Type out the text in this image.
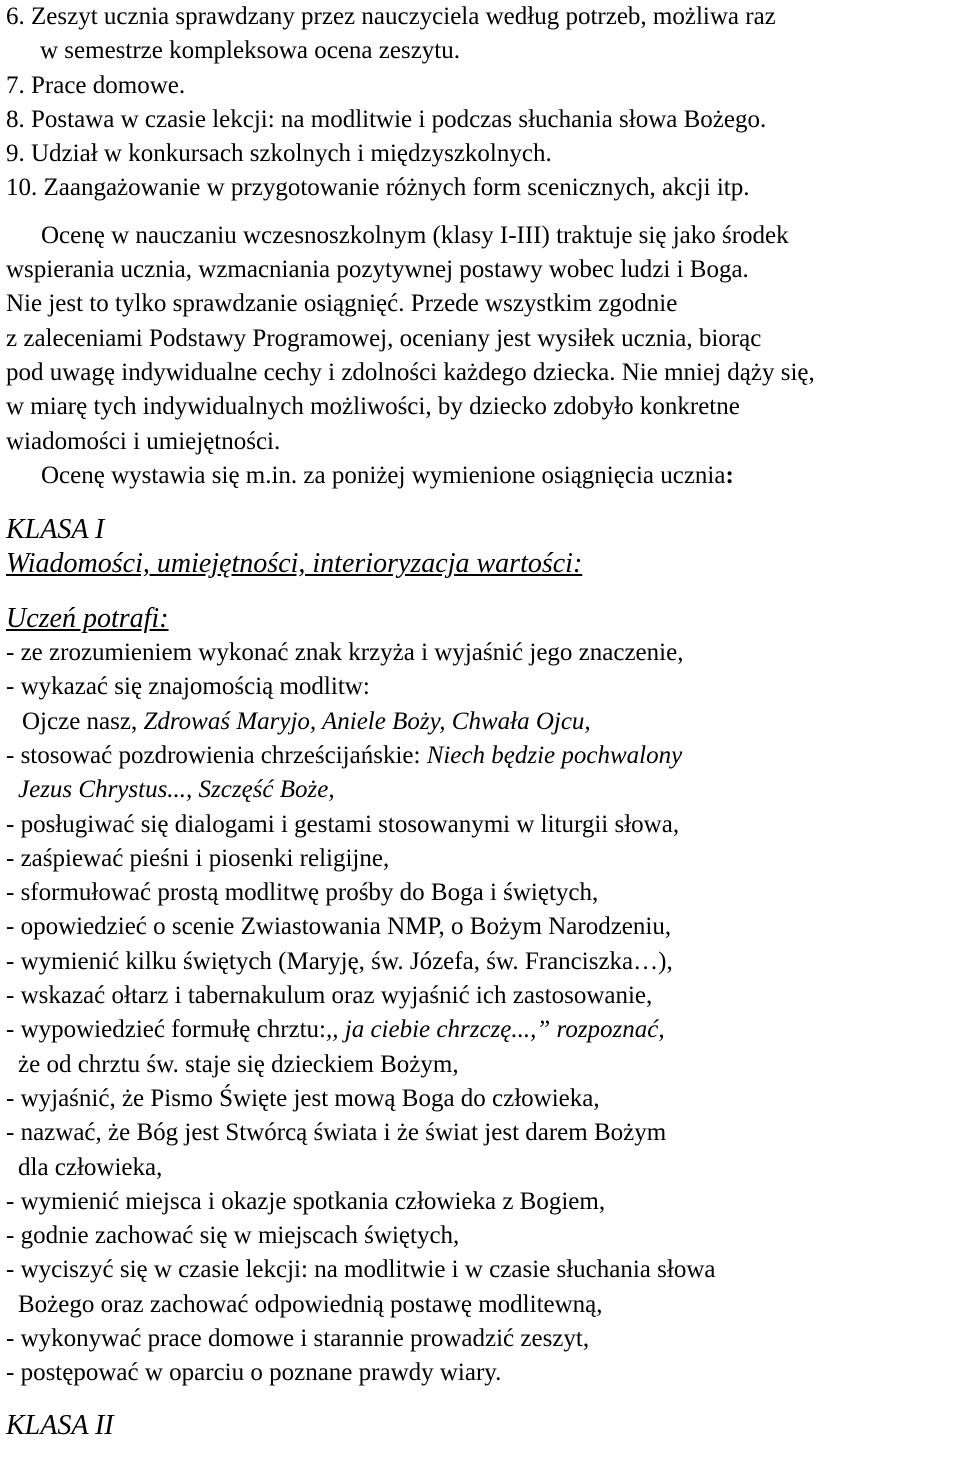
6. Zeszyt ucznia sprawdzany przez nauczyciela według potrzeb, możliwa raz
w semestrze kompleksowa ocena zeszytu.
7. Prace domowe.
8. Postawa w czasie lekcji: na modlitwie i podczas słuchania słowa Bożego.
9. Udział w konkursach szkolnych i międzyszkolnych.
10. Zaangażowanie w przygotowanie różnych form scenicznych, akcji itp.
Ocenę w nauczaniu wczesnoszkolnym (klasy I-III) traktuje się jako środek
wspierania ucznia, wzmacniania pozytywnej postawy wobec ludzi i Boga.
Nie jest to tylko sprawdzanie osiągnięć. Przede wszystkim zgodnie
z zaleceniami Podstawy Programowej, oceniany jest wysiłek ucznia, biorąc
pod uwagę indywidualne cechy i zdolności każdego dziecka. Nie mniej dąży się,
w miarę tych indywidualnych możliwości, by dziecko zdobyło konkretne
wiadomości i umiejętności.
Ocenę wystawia się m.in. za poniżej wymienione osiągnięcia ucznia:
KLASA I
Wiadomości, umiejętności, interioryzacja wartości:
Uczeń potrafi:
- ze zrozumieniem wykonać znak krzyża i wyjaśnić jego znaczenie,
- wykazać się znajomością modlitw:
Ojcze nasz, Zdrowaś Maryjo, Aniele Boży, Chwała Ojcu,
- stosować pozdrowienia chrześcijańskie: Niech będzie pochwalony
Jezus Chrystus..., Szczęść Boże,
- posługiwać się dialogami i gestami stosowanymi w liturgii słowa,
- zaśpiewać pieśni i piosenki religijne,
- sformułować prostą modlitwę prośby do Boga i świętych,
- opowiedzieć o scenie Zwiastowania NMP, o Bożym Narodzeniu,
- wymienić kilku świętych (Maryję, św. Józefa, św. Franciszka…),
- wskazać ołtarz i tabernakulum oraz wyjaśnić ich zastosowanie,
- wypowiedzieć formułę chrztu:,, ja ciebie chrzczę...,” rozpoznać,
że od chrztu św. staje się dzieckiem Bożym,
- wyjaśnić, że Pismo Święte jest mową Boga do człowieka,
- nazwać, że Bóg jest Stwórcą świata i że świat jest darem Bożym
dla człowieka,
- wymienić miejsca i okazje spotkania człowieka z Bogiem,
- godnie zachować się w miejscach świętych,
- wyciszyć się w czasie lekcji: na modlitwie i w czasie słuchania słowa
Bożego oraz zachować odpowiednią postawę modlitewną,
- wykonywać prace domowe i starannie prowadzić zeszyt,
- postępować w oparciu o poznane prawdy wiary.
KLASA II
